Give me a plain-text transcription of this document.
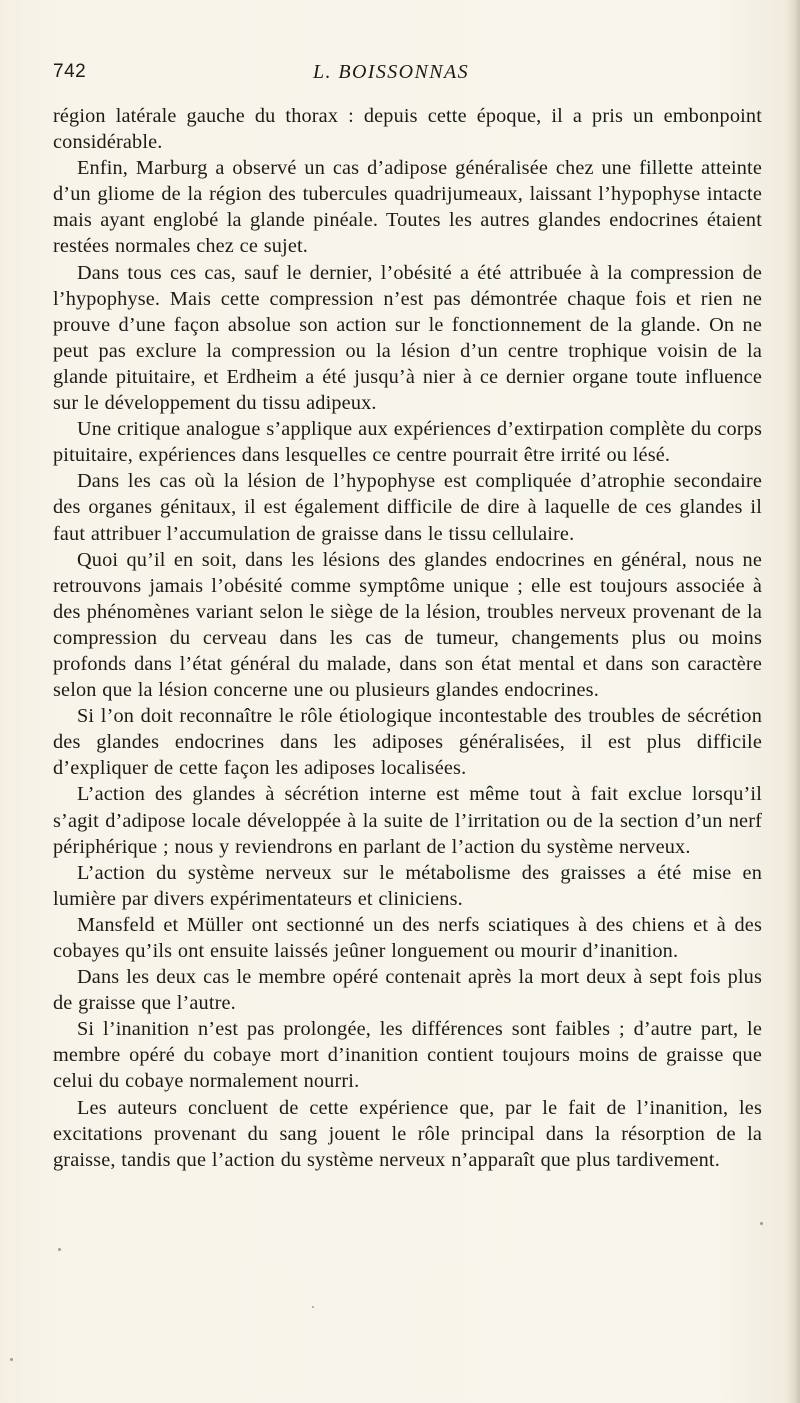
742	L. BOISSONNAS

région latérale gauche du thorax : depuis cette époque, il a pris un embonpoint considérable.

Enfin, Marburg a observé un cas d’adipose généralisée chez une fillette atteinte d’un gliome de la région des tubercules quadrijumeaux, laissant l’hypophyse intacte mais ayant englobé la glande pinéale. Toutes les autres glandes endocrines étaient restées normales chez ce sujet.

Dans tous ces cas, sauf le dernier, l’obésité a été attribuée à la compression de l’hypophyse. Mais cette compression n’est pas démontrée chaque fois et rien ne prouve d’une façon absolue son action sur le fonctionnement de la glande. On ne peut pas exclure la compression ou la lésion d’un centre trophique voisin de la glande pituitaire, et Erdheim a été jusqu’à nier à ce dernier organe toute influence sur le développement du tissu adipeux.

Une critique analogue s’applique aux expériences d’extirpation complète du corps pituitaire, expériences dans lesquelles ce centre pourrait être irrité ou lésé.

Dans les cas où la lésion de l’hypophyse est compliquée d’atrophie secondaire des organes génitaux, il est également difficile de dire à laquelle de ces glandes il faut attribuer l’accumulation de graisse dans le tissu cellulaire.

Quoi qu’il en soit, dans les lésions des glandes endocrines en général, nous ne retrouvons jamais l’obésité comme symptôme unique ; elle est toujours associée à des phénomènes variant selon le siège de la lésion, troubles nerveux provenant de la compression du cerveau dans les cas de tumeur, changements plus ou moins profonds dans l’état général du malade, dans son état mental et dans son caractère selon que la lésion concerne une ou plusieurs glandes endocrines.

Si l’on doit reconnaître le rôle étiologique incontestable des troubles de sécrétion des glandes endocrines dans les adiposes généralisées, il est plus difficile d’expliquer de cette façon les adiposes localisées.

L’action des glandes à sécrétion interne est même tout à fait exclue lorsqu’il s’agit d’adipose locale développée à la suite de l’irritation ou de la section d’un nerf périphérique ; nous y reviendrons en parlant de l’action du système nerveux.

L’action du système nerveux sur le métabolisme des graisses a été mise en lumière par divers expérimentateurs et cliniciens.

Mansfeld et Müller ont sectionné un des nerfs sciatiques à des chiens et à des cobayes qu’ils ont ensuite laissés jeûner longuement ou mourir d’inanition.

Dans les deux cas le membre opéré contenait après la mort deux à sept fois plus de graisse que l’autre.

Si l’inanition n’est pas prolongée, les différences sont faibles ; d’autre part, le membre opéré du cobaye mort d’inanition contient toujours moins de graisse que celui du cobaye normalement nourri.

Les auteurs concluent de cette expérience que, par le fait de l’inanition, les excitations provenant du sang jouent le rôle principal dans la résorption de la graisse, tandis que l’action du système nerveux n’apparaît que plus tardivement.
